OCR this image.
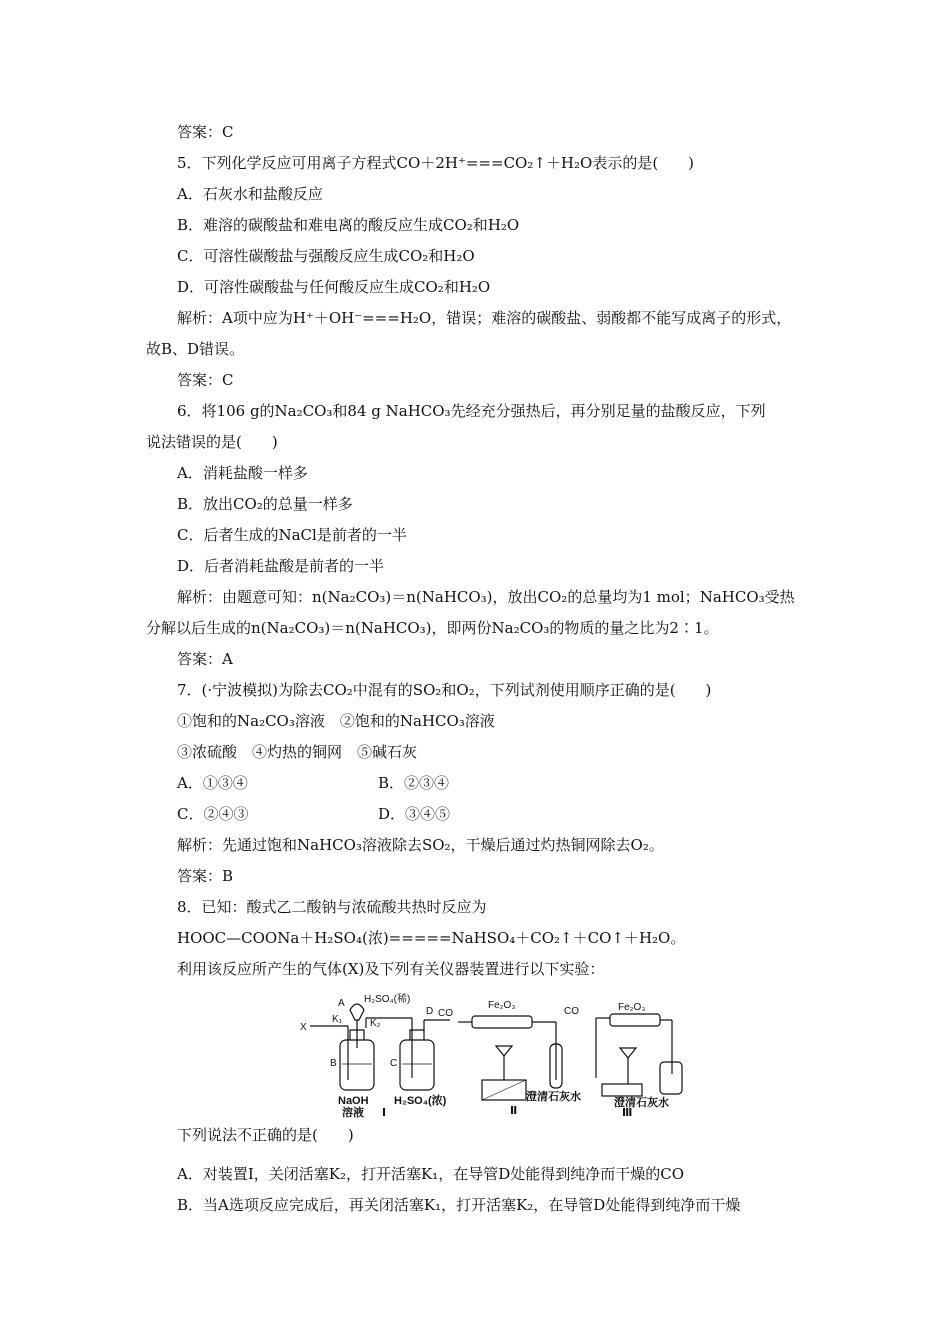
答案：C
5．下列化学反应可用离子方程式CO＋2H⁺===CO₂↑＋H₂O表示的是(　　)
A．石灰水和盐酸反应
B．难溶的碳酸盐和难电离的酸反应生成CO₂和H₂O
C．可溶性碳酸盐与强酸反应生成CO₂和H₂O
D．可溶性碳酸盐与任何酸反应生成CO₂和H₂O
解析：A项中应为H⁺＋OH⁻===H₂O，错误；难溶的碳酸盐、弱酸都不能写成离子的形式，
故B、D错误。
答案：C
6．将106 g的Na₂CO₃和84 g NaHCO₃先经充分强热后，再分别足量的盐酸反应，下列
说法错误的是(　　)
A．消耗盐酸一样多
B．放出CO₂的总量一样多
C．后者生成的NaCl是前者的一半
D．后者消耗盐酸是前者的一半
解析：由题意可知：n(Na₂CO₃)＝n(NaHCO₃)，放出CO₂的总量均为1 mol；NaHCO₃受热
分解以后生成的n(Na₂CO₃)＝n(NaHCO₃)，即两份Na₂CO₃的物质的量之比为2∶1。
答案：A
7．(·宁波模拟)为除去CO₂中混有的SO₂和O₂，下列试剂使用顺序正确的是(　　)
①饱和的Na₂CO₃溶液　②饱和的NaHCO₃溶液
③浓硫酸　④灼热的铜网　⑤碱石灰
A．①③④	B．②③④
C．②④③	D．③④⑤
解析：先通过饱和NaHCO₃溶液除去SO₂，干燥后通过灼热铜网除去O₂。
答案：B
8．已知：酸式乙二酸钠与浓硫酸共热时反应为
HOOC—COONa＋H₂SO₄(浓)=====NaHSO₄＋CO₂↑＋CO↑＋H₂O。
利用该反应所产生的气体(X)及下列有关仪器装置进行以下实验：
A H₂SO₄(稀)
K₁	K₂
X
B	C
D
NaOH
溶液
H₂SO₄(浓)
CO
Fe₂O₃
澄清石灰水
CO	Fe₂O₃
澄清石灰水
Ⅰ	Ⅱ	Ⅲ
下列说法不正确的是(　　)
A．对装置Ⅰ，关闭活塞K₂，打开活塞K₁，在导管D处能得到纯净而干燥的CO
B．当A选项反应完成后，再关闭活塞K₁，打开活塞K₂，在导管D处能得到纯净而干燥
